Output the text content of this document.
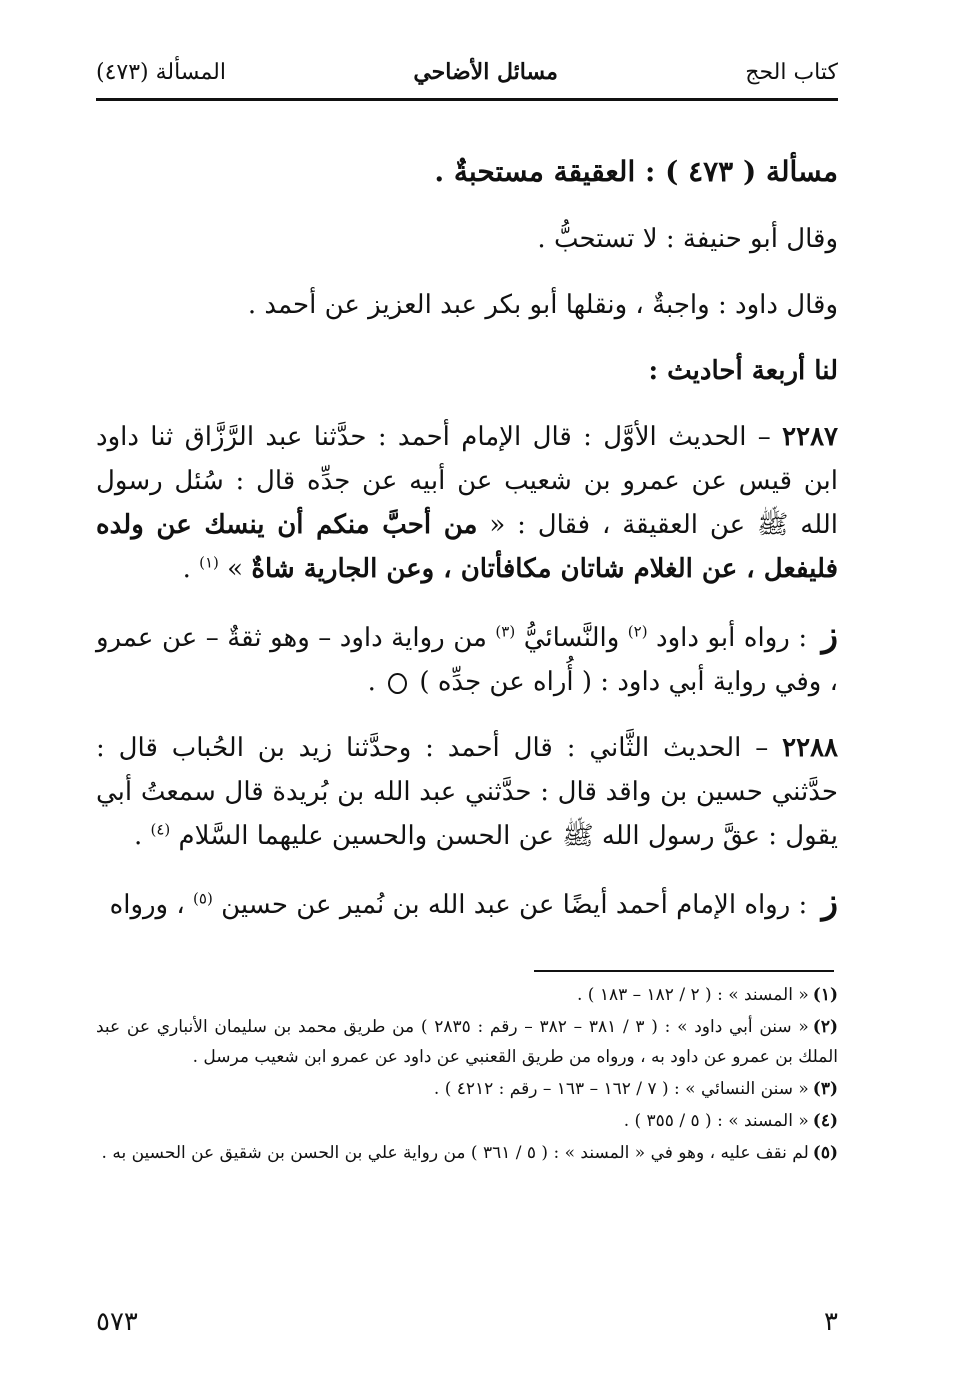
كتاب الحج
مسائل الأضاحي
المسألة (٤٧٣)

مسألة ( ٤٧٣ ) : العقيقة مستحبةٌ .

وقال أبو حنيفة : لا تستحبُّ .

وقال داود : واجبةٌ ، ونقلها أبو بكر عبد العزيز عن أحمد .

لنا أربعة أحاديث :

٢٢٨٧ – الحديث الأوَّل : قال الإمام أحمد : حدَّثنا عبد الرَّزَّاق ثنا داود ابن قيس عن عمرو بن شعيب عن أبيه عن جدِّه قال : سُئل رسول الله ﷺ عن العقيقة ، فقال : « من أحبَّ منكم أن ينسك عن ولده فليفعل ، عن الغلام شاتان مكافأتان ، وعن الجارية شاةٌ » $^{(١)}$ .

ز : رواه أبو داود $^{(٢)}$ والنَّسائيُّ $^{(٣)}$ من رواية داود – وهو ثقةٌ – عن عمرو ، وفي رواية أبي داود : ( أُراه عن جدِّه )  .

٢٢٨٨ – الحديث الثَّاني : قال أحمد : وحدَّثنا زيد بن الحُباب قال : حدَّثني حسين بن واقد قال : حدَّثني عبد الله بن بُريدة قال سمعتُ أبي يقول : عقَّ رسول الله ﷺ عن الحسن والحسين عليهما السَّلام $^{(٤)}$ .

ز : رواه الإمام أحمد أيضًا عن عبد الله بن نُمير عن حسين $^{(٥)}$ ، ورواه

(١)« المسند » : ( ٢ / ١٨٢ – ١٨٣ ) .

(٢)« سنن أبي داود » : ( ٣ / ٣٨١ – ٣٨٢ – رقم : ٢٨٣٥ ) من طريق محمد بن سليمان الأنباري عن عبد الملك بن عمرو عن داود به ، ورواه من طريق القعنبي عن داود عن عمرو ابن شعيب مرسل .

(٣)« سنن النسائي » : ( ٧ / ١٦٢ – ١٦٣ – رقم : ٤٢١٢ ) .

(٤)« المسند » : ( ٥ / ٣٥٥ ) .

(٥)لم نقف عليه ، وهو في « المسند » : ( ٥ / ٣٦١ ) من رواية علي بن الحسن بن شقيق عن الحسين به .

٣
٥٧٣
